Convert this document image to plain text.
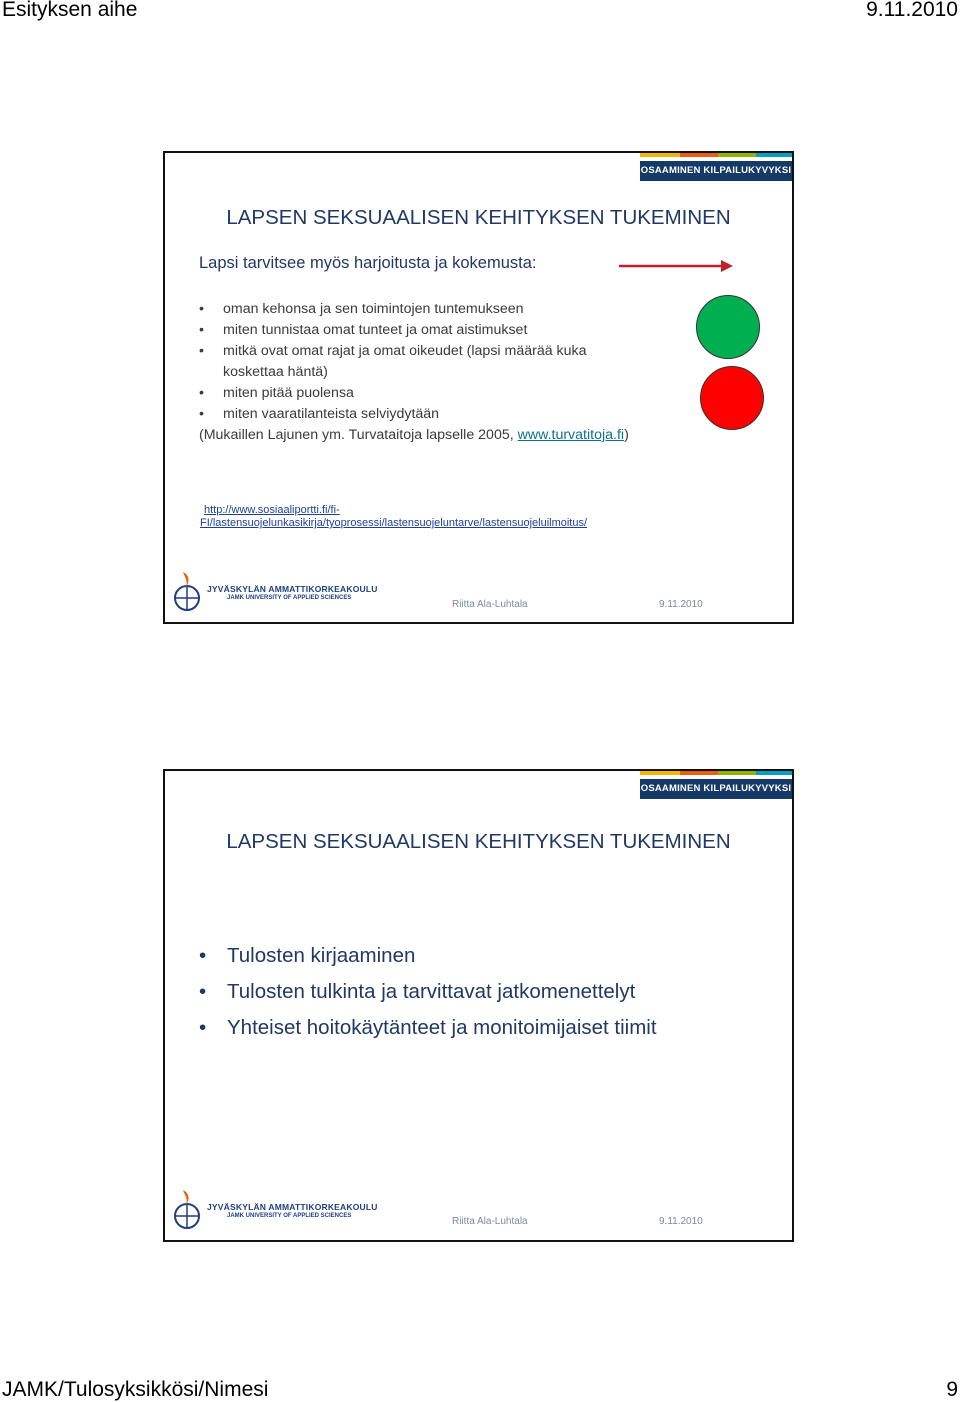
Esityksen aihe	9.11.2010
OSAAMINEN KILPAILUKYVYKSI
LAPSEN SEKSUAALISEN KEHITYKSEN TUKEMINEN
Lapsi tarvitsee myös harjoitusta ja kokemusta:
• oman kehonsa ja sen toimintojen tuntemukseen
• miten tunnistaa omat tunteet ja omat aistimukset
• mitkä ovat omat rajat ja omat oikeudet (lapsi määrää kuka
koskettaa häntä)
• miten pitää puolensa
• miten vaaratilanteista selviydytään
(Mukaillen Lajunen ym. Turvataitoja lapselle 2005, www.turvatitoja.fi)
http://www.sosiaaliportti.fi/fi-
FI/lastensuojelunkasikirja/tyoprosessi/lastensuojeluntarve/lastensuojeluilmoitus/
JYVÄSKYLÄN AMMATTIKORKEAKOULU
JAMK UNIVERSITY OF APPLIED SCIENCES
Riitta Ala-Luhtala	9.11.2010
OSAAMINEN KILPAILUKYVYKSI
LAPSEN SEKSUAALISEN KEHITYKSEN TUKEMINEN
• Tulosten kirjaaminen
• Tulosten tulkinta ja tarvittavat jatkomenettelyt
• Yhteiset hoitokäytänteet ja monitoimijaiset tiimit
JYVÄSKYLÄN AMMATTIKORKEAKOULU
JAMK UNIVERSITY OF APPLIED SCIENCES	Riitta Ala-Luhtala	9.11.2010
JAMK/Tulosyksikkösi/Nimesi	9
